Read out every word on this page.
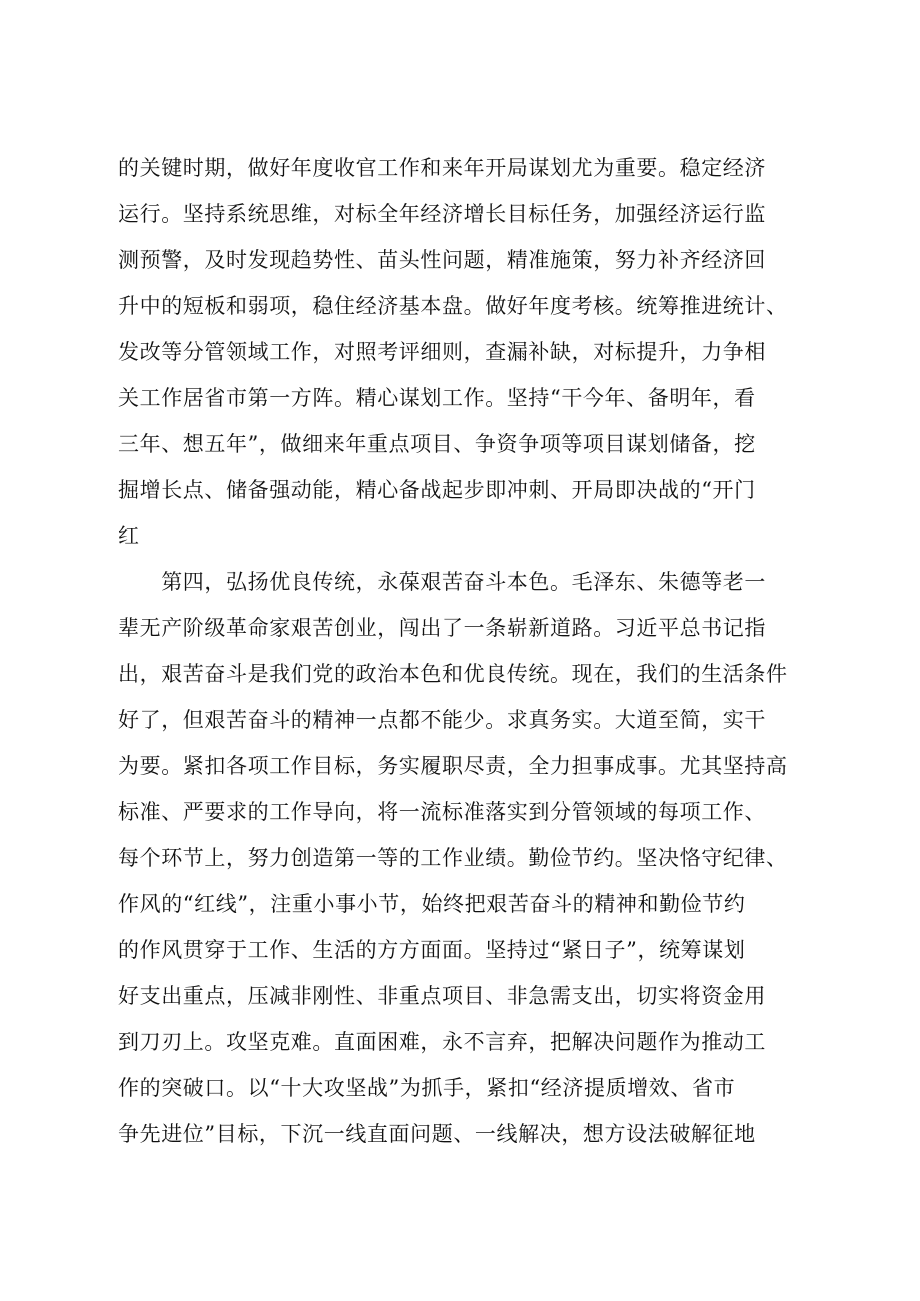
的关键时期，做好年度收官工作和来年开局谋划尤为重要。稳定经济
运行。坚持系统思维，对标全年经济增长目标任务，加强经济运行监
测预警，及时发现趋势性、苗头性问题，精准施策，努力补齐经济回
升中的短板和弱项，稳住经济基本盘。做好年度考核。统筹推进统计、
发改等分管领域工作，对照考评细则，查漏补缺，对标提升，力争相
关工作居省市第一方阵。精心谋划工作。坚持“干今年、备明年，看
三年、想五年”，做细来年重点项目、争资争项等项目谋划储备，挖
掘增长点、储备强动能，精心备战起步即冲刺、开局即决战的“开门
红
　　第四，弘扬优良传统，永葆艰苦奋斗本色。毛泽东、朱德等老一
辈无产阶级革命家艰苦创业，闯出了一条崭新道路。习近平总书记指
出，艰苦奋斗是我们党的政治本色和优良传统。现在，我们的生活条件
好了，但艰苦奋斗的精神一点都不能少。求真务实。大道至简，实干
为要。紧扣各项工作目标，务实履职尽责，全力担事成事。尤其坚持高
标准、严要求的工作导向，将一流标准落实到分管领域的每项工作、
每个环节上，努力创造第一等的工作业绩。勤俭节约。坚决恪守纪律、
作风的“红线”，注重小事小节，始终把艰苦奋斗的精神和勤俭节约
的作风贯穿于工作、生活的方方面面。坚持过“紧日子”，统筹谋划
好支出重点，压减非刚性、非重点项目、非急需支出，切实将资金用
到刀刃上。攻坚克难。直面困难，永不言弃，把解决问题作为推动工
作的突破口。以“十大攻坚战”为抓手，紧扣“经济提质增效、省市
争先进位”目标，下沉一线直面问题、一线解决，想方设法破解征地
